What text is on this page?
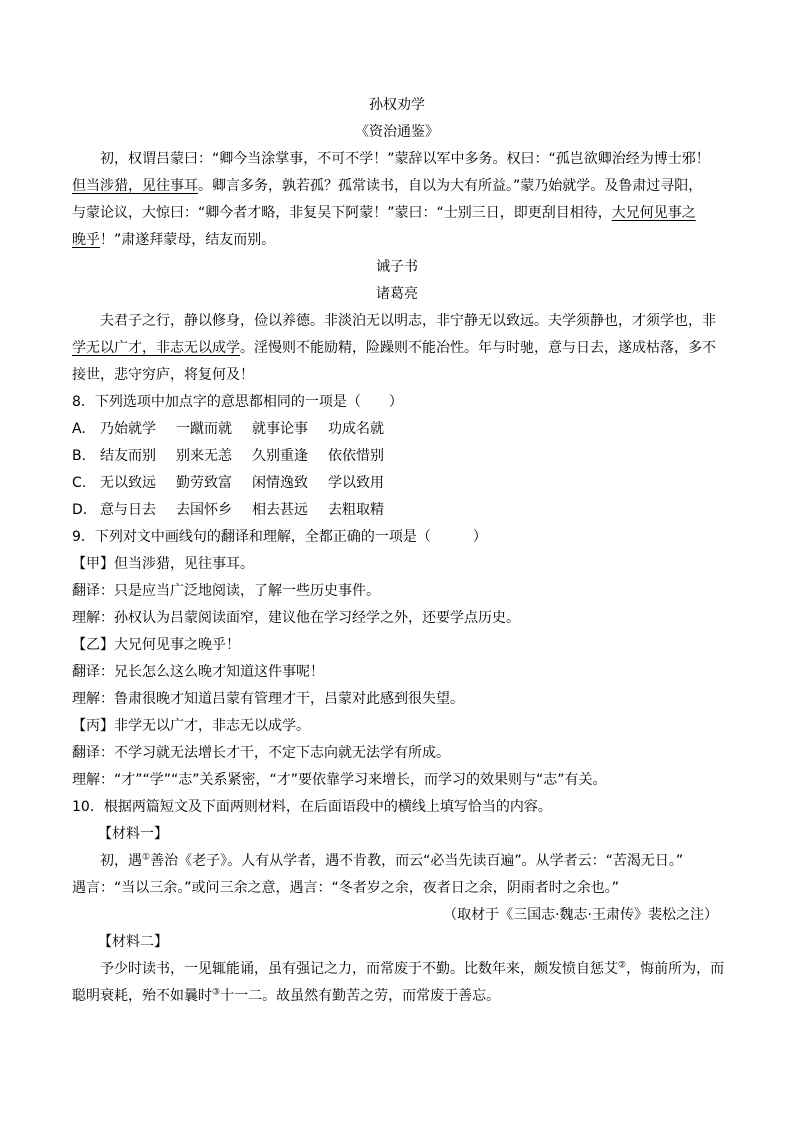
孙权劝学
《资治通鉴》
初，权谓吕蒙曰：“卿今当涂掌事，不可不学！”蒙辞以军中多务。权曰：“孤岂欲卿治经为博士邪！
但当涉猎，见往事耳。卿言多务，孰若孤？孤常读书，自以为大有所益。”蒙乃始就学。及鲁肃过寻阳，
与蒙论议，大惊曰：“卿今者才略，非复吴下阿蒙！”蒙曰：“士别三日，即更刮目相待，大兄何见事之
晚乎！”肃遂拜蒙母，结友而别。
诫子书
诸葛亮
夫君子之行，静以修身，俭以养德。非淡泊无以明志，非宁静无以致远。夫学须静也，才须学也，非
学无以广才，非志无以成学。淫慢则不能励精，险躁则不能冶性。年与时驰，意与日去，遂成枯落，多不
接世，悲守穷庐，将复何及！
8．下列选项中加点字的意思都相同的一项是（　　）
A. 乃始就学 一蹴而就 就事论事 功成名就
B. 结友而别 别来无恙 久别重逢 依依惜别
C. 无以致远 勤劳致富 闲情逸致 学以致用
D. 意与日去 去国怀乡 相去甚远 去粗取精
9．下列对文中画线句的翻译和理解，全都正确的一项是（　　　）
【甲】但当涉猎，见往事耳。
翻译：只是应当广泛地阅读，了解一些历史事件。
理解：孙权认为吕蒙阅读面窄，建议他在学习经学之外，还要学点历史。
【乙】大兄何见事之晚乎！
翻译：兄长怎么这么晚才知道这件事呢！
理解：鲁肃很晚才知道吕蒙有管理才干，吕蒙对此感到很失望。
【丙】非学无以广才，非志无以成学。
翻译：不学习就无法增长才干，不定下志向就无法学有所成。
理解：“才”“学”“志”关系紧密，“才”要依靠学习来增长，而学习的效果则与“志”有关。
10．根据两篇短文及下面两则材料，在后面语段中的横线上填写恰当的内容。
【材料一】
初，遇①善治《老子》。人有从学者，遇不肯教，而云“必当先读百遍”。从学者云：“苦渴无日。”
遇言：“当以三余。”或问三余之意，遇言：“冬者岁之余，夜者日之余，阴雨者时之余也。”
（取材于《三国志·魏志·王肃传》裴松之注）
【材料二】
予少时读书，一见辄能诵，虽有强记之力，而常废于不勤。比数年来，颇发愤自惩艾②，悔前所为，而
聪明衰耗，殆不如曩时③十一二。故虽然有勤苦之劳，而常废于善忘。
